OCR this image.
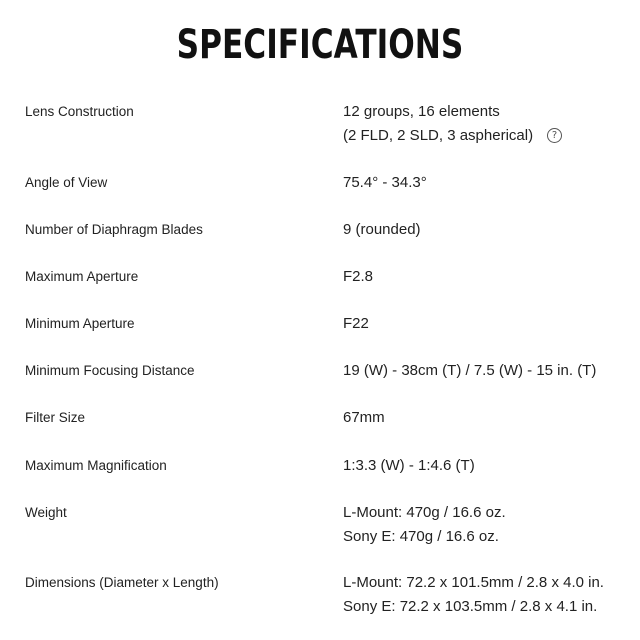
SPECIFICATIONS
Lens Construction	12 groups, 16 elements
(2 FLD, 2 SLD, 3 aspherical) ?
Angle of View	75.4° - 34.3°
Number of Diaphragm Blades	9 (rounded)
Maximum Aperture	F2.8
Minimum Aperture	F22
Minimum Focusing Distance	19 (W) - 38cm (T) / 7.5 (W) - 15 in. (T)
Filter Size	67mm
Maximum Magnification	1:3.3 (W) - 1:4.6 (T)
Weight	L-Mount: 470g / 16.6 oz.
Sony E: 470g / 16.6 oz.
Dimensions (Diameter x Length)	L-Mount: 72.2 x 101.5mm / 2.8 x 4.0 in.
Sony E: 72.2 x 103.5mm / 2.8 x 4.1 in.
